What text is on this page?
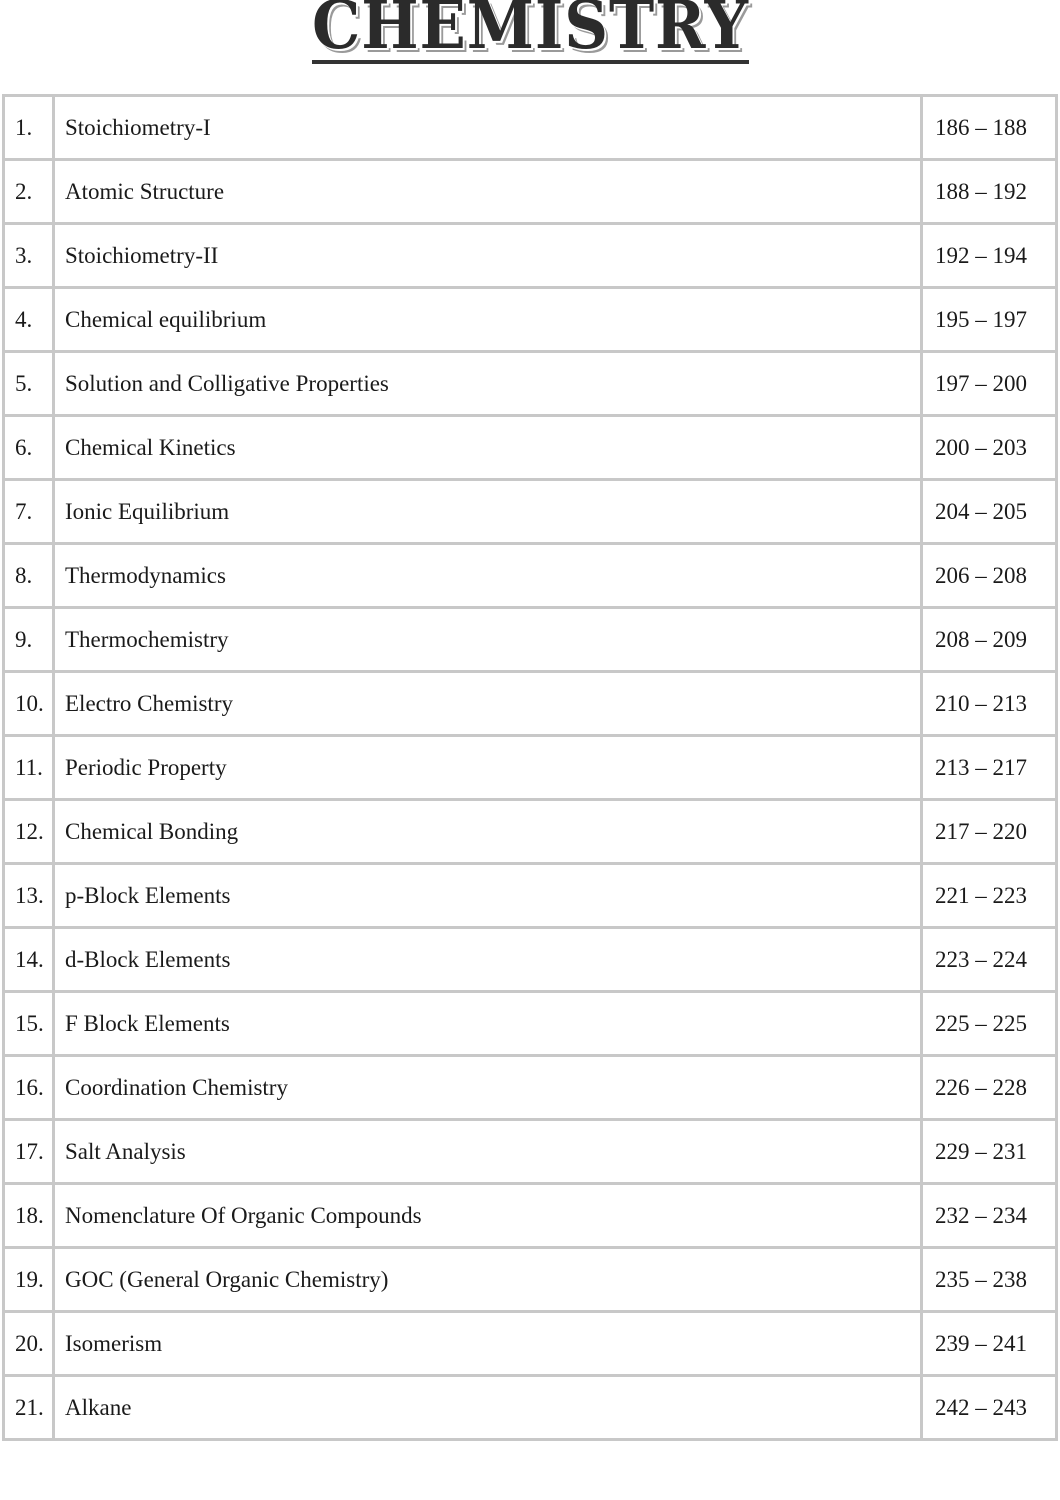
CHEMISTRY
1.	Stoichiometry-I	186 – 188
2.	Atomic Structure	188 – 192
3.	Stoichiometry-II	192 – 194
4.	Chemical equilibrium	195 – 197
5.	Solution and Colligative Properties	197 – 200
6.	Chemical Kinetics	200 – 203
7.	Ionic Equilibrium	204 – 205
8.	Thermodynamics	206 – 208
9.	Thermochemistry	208 – 209
10.	Electro Chemistry	210 – 213
11.	Periodic Property	213 – 217
12.	Chemical Bonding	217 – 220
13.	p-Block Elements	221 – 223
14.	d-Block Elements	223 – 224
15.	F Block Elements	225 – 225
16.	Coordination Chemistry	226 – 228
17.	Salt Analysis	229 – 231
18.	Nomenclature Of Organic Compounds	232 – 234
19.	GOC (General Organic Chemistry)	235 – 238
20.	Isomerism	239 – 241
21.	Alkane	242 – 243
